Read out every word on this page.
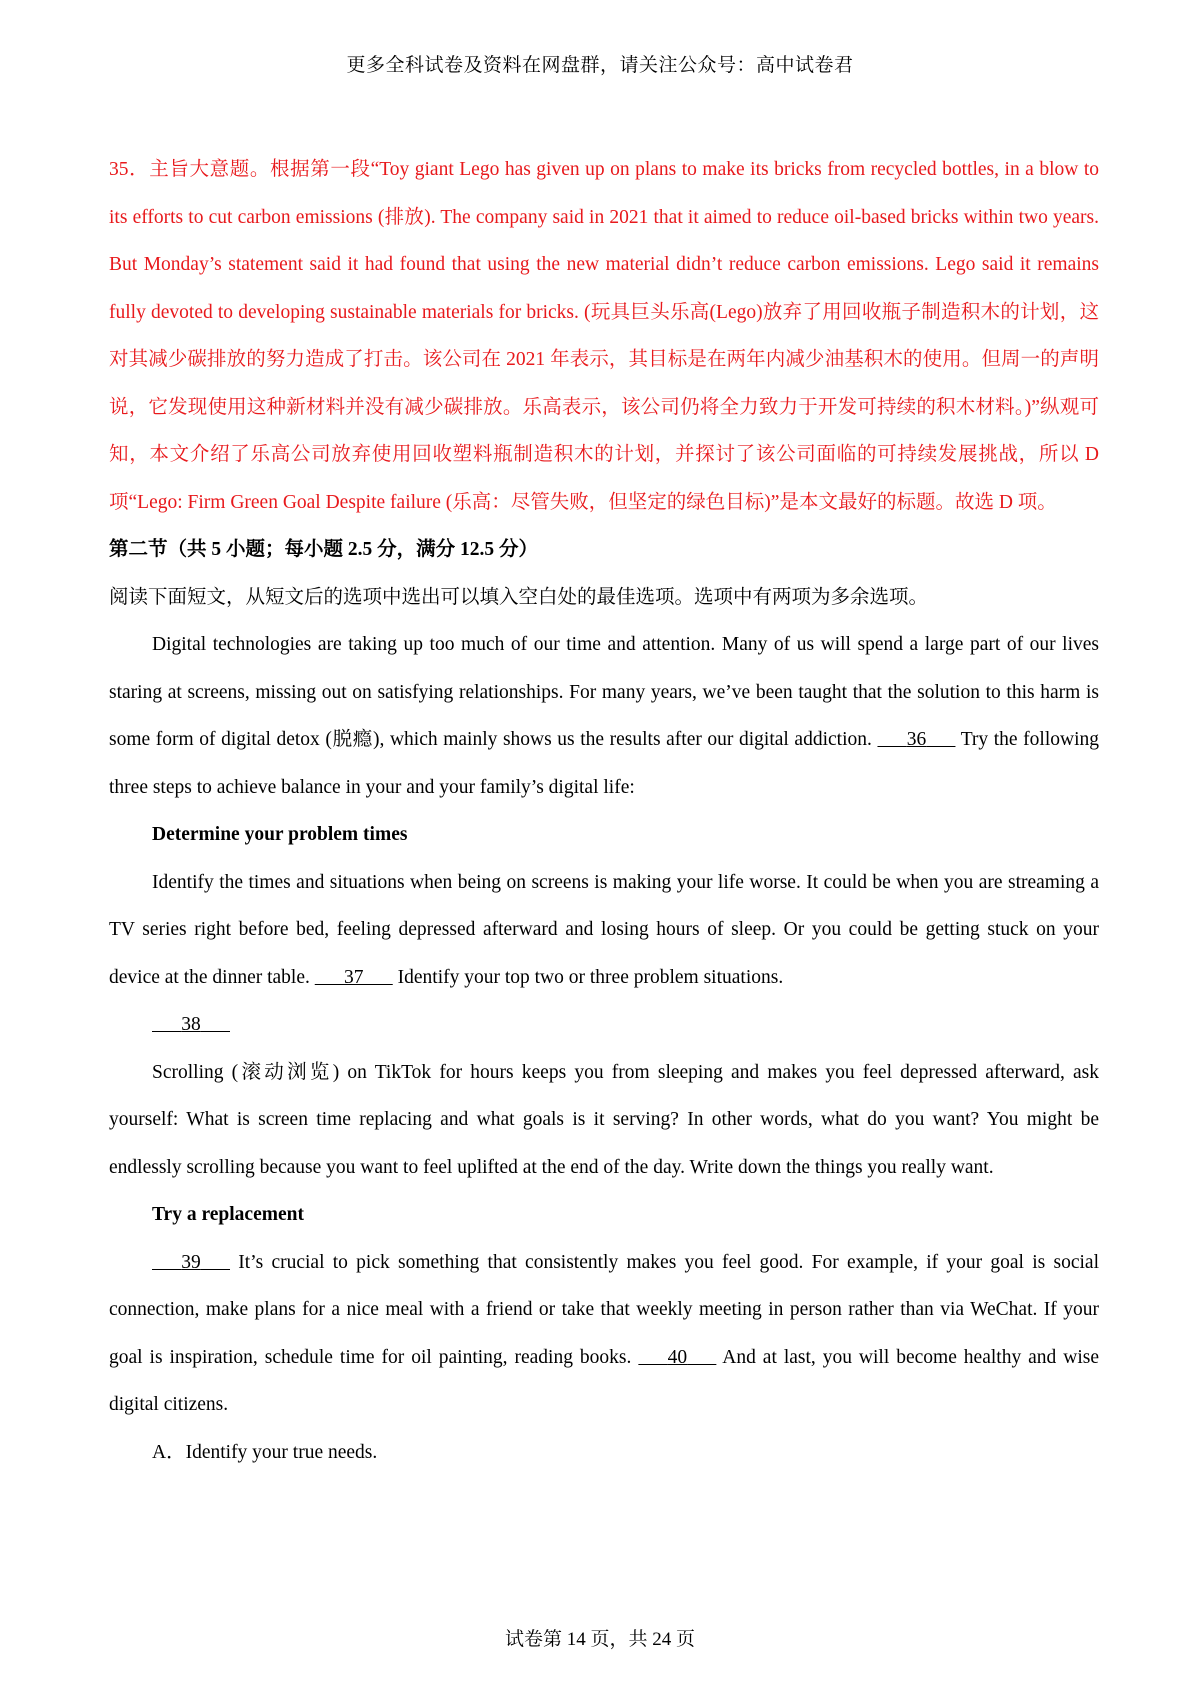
更多全科试卷及资料在网盘群，请关注公众号：高中试卷君

35．主旨大意题。根据第一段“Toy giant Lego has given up on plans to make its bricks from recycled bottles, in a blow to its efforts to cut carbon emissions (排放). The company said in 2021 that it aimed to reduce oil-based bricks within two years. But Monday’s statement said it had found that using the new material didn’t reduce carbon emissions. Lego said it remains fully devoted to developing sustainable materials for bricks. (玩具巨头乐高(Lego)放弃了用回收瓶子制造积木的计划，这对其减少碳排放的努力造成了打击。该公司在 2021 年表示，其目标是在两年内减少油基积木的使用。但周一的声明说，它发现使用这种新材料并没有减少碳排放。乐高表示，该公司仍将全力致力于开发可持续的积木材料。)”纵观可知，本文介绍了乐高公司放弃使用回收塑料瓶制造积木的计划，并探讨了该公司面临的可持续发展挑战，所以 D 项“Lego: Firm Green Goal Despite failure (乐高：尽管失败，但坚定的绿色目标)”是本文最好的标题。故选 D 项。

第二节（共 5 小题；每小题 2.5 分，满分 12.5 分）

阅读下面短文，从短文后的选项中选出可以填入空白处的最佳选项。选项中有两项为多余选项。

Digital technologies are taking up too much of our time and attention. Many of us will spend a large part of our lives staring at screens, missing out on satisfying relationships. For many years, we’ve been taught that the solution to this harm is some form of digital detox (脱瘾), which mainly shows us the results after our digital addiction.    36   Try the following three steps to achieve balance in your and your family’s digital life:

Determine your problem times

Identify the times and situations when being on screens is making your life worse. It could be when you are streaming a TV series right before bed, feeling depressed afterward and losing hours of sleep. Or you could be getting stuck on your device at the dinner table.    37   Identify your top two or three problem situations.

  38  

Scrolling (滚动浏览) on TikTok for hours keeps you from sleeping and makes you feel depressed afterward, ask yourself: What is screen time replacing and what goals is it serving? In other words, what do you want? You might be endlessly scrolling because you want to feel uplifted at the end of the day. Write down the things you really want.

Try a replacement

  39   It’s crucial to pick something that consistently makes you feel good. For example, if your goal is social connection, make plans for a nice meal with a friend or take that weekly meeting in person rather than via WeChat. If your goal is inspiration, schedule time for oil painting, reading books.    40   And at last, you will become healthy and wise digital citizens.

A．Identify your true needs.

试卷第 14 页，共 24 页
